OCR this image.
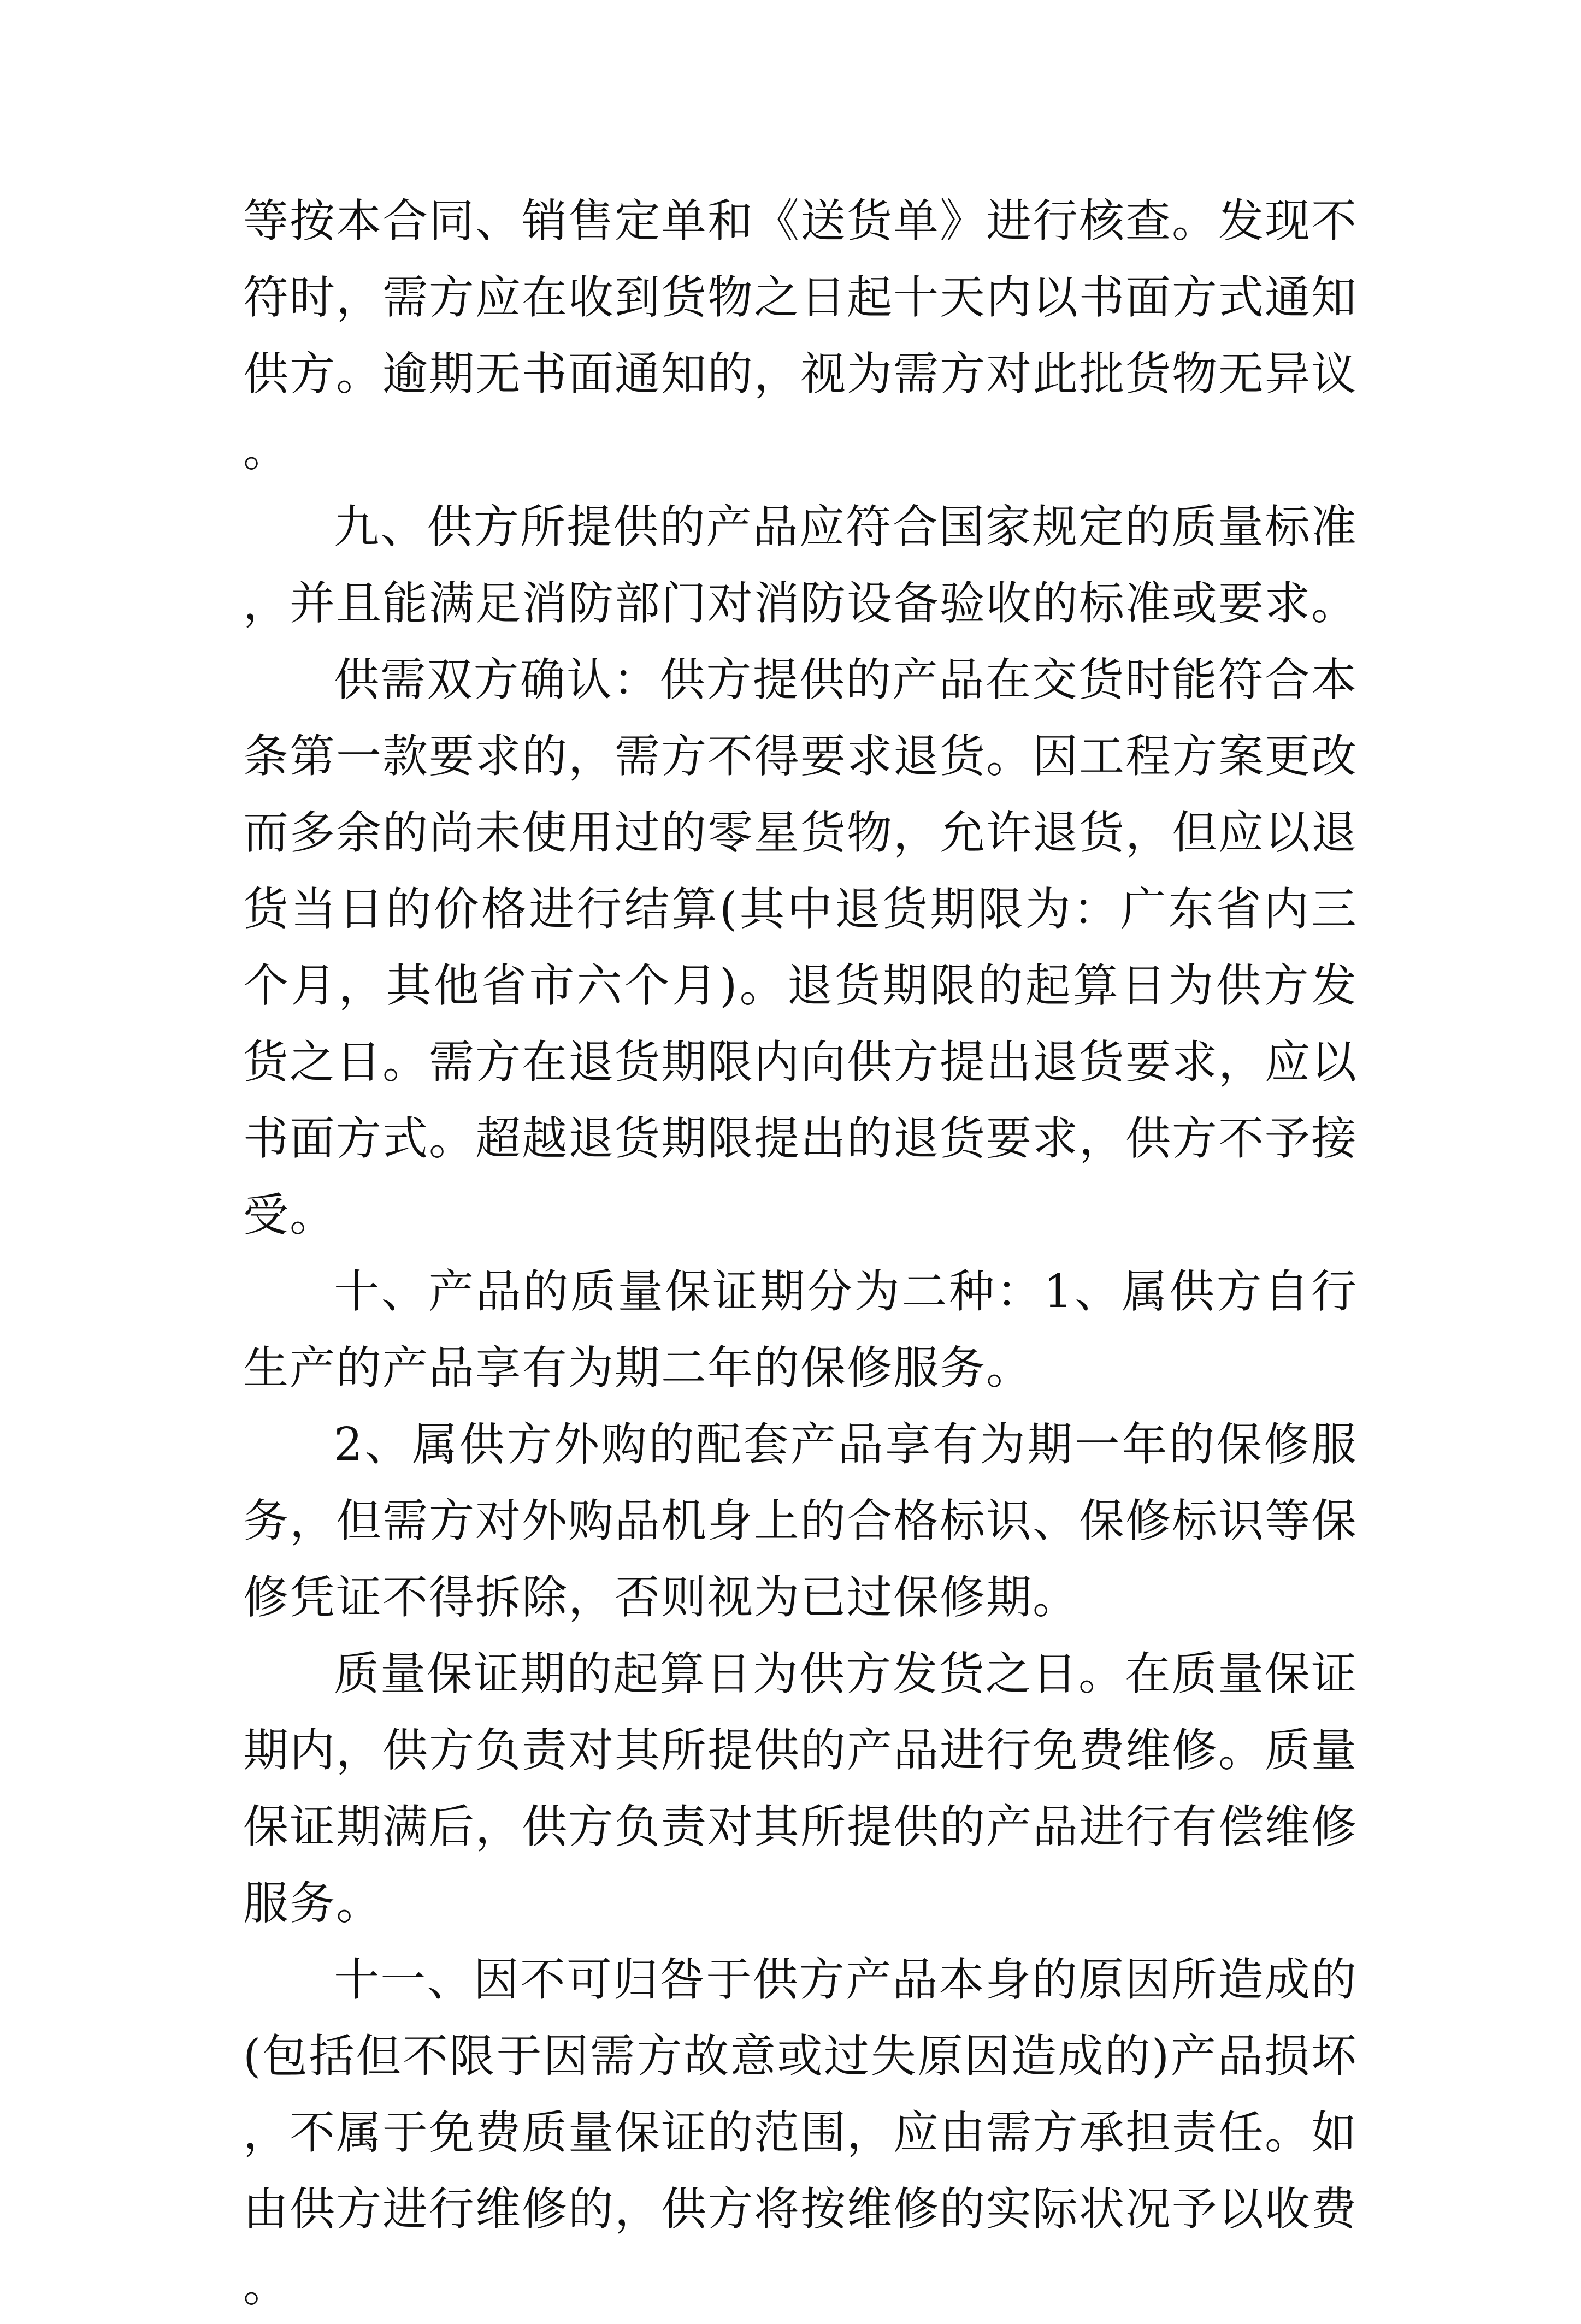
等按本合同、销售定单和《送货单》进行核查。发现不符时，需方应在收到货物之日起十天内以书面方式通知供方。逾期无书面通知的，视为需方对此批货物无异议。

九、供方所提供的产品应符合国家规定的质量标准，并且能满足消防部门对消防设备验收的标准或要求。

供需双方确认：供方提供的产品在交货时能符合本条第一款要求的，需方不得要求退货。因工程方案更改而多余的尚未使用过的零星货物，允许退货，但应以退货当日的价格进行结算(其中退货期限为：广东省内三个月，其他省市六个月)。退货期限的起算日为供方发货之日。需方在退货期限内向供方提出退货要求，应以书面方式。超越退货期限提出的退货要求，供方不予接受。

十、产品的质量保证期分为二种：1、属供方自行生产的产品享有为期二年的保修服务。

2、属供方外购的配套产品享有为期一年的保修服务，但需方对外购品机身上的合格标识、保修标识等保修凭证不得拆除，否则视为已过保修期。

质量保证期的起算日为供方发货之日。在质量保证期内，供方负责对其所提供的产品进行免费维修。质量保证期满后，供方负责对其所提供的产品进行有偿维修服务。

十一、因不可归咎于供方产品本身的原因所造成的(包括但不限于因需方故意或过失原因造成的)产品损坏，不属于免费质量保证的范围，应由需方承担责任。如由供方进行维修的，供方将按维修的实际状况予以收费。
